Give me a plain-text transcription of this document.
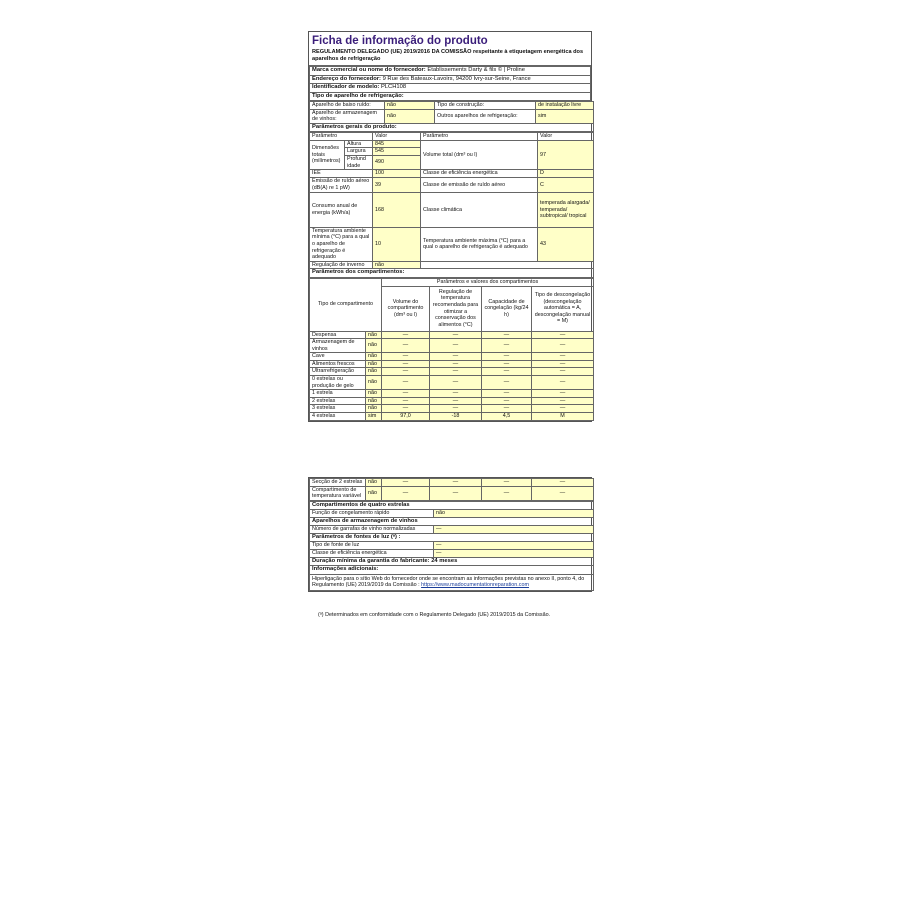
Ficha de informação do produto
REGULAMENTO DELEGADO (UE) 2019/2016 DA COMISSÃO respeitante à etiquetagem energética dos aparelhos de refrigeração
Marca comercial ou nome do fornecedor: Etablissements Darty & fils © | Proline
Endereço do fornecedor: 9 Rue des Bateaux-Lavoirs, 94200 Ivry-sur-Seine, France
Identificador de modelo: PLCH108
Tipo de aparelho de refrigeração:
Aparelho de baixo ruído:	não	Tipo de construção:	de instalação livre
Aparelho de armazenagem de vinhos:	não	Outros aparelhos de refrigeração:	sim
Parâmetros gerais do produto:			
Parâmetro		Valor	Parâmetro	Valor
Dimensões totais (milímetros)	Altura	845	Volume total (dm³ ou l)	97
	Largura	545		
	Profund idade	490		
IEE		100	Classe de eficiência energética	D
Emissão de ruído aéreo (dB(A) re 1 pW)		39	Classe de emissão de ruído aéreo	C
Consumo anual de energia (kWh/a)		168	Classe climática	temperada alargada/ temperada/ subtropical/ tropical
Temperatura ambiente mínima (°C) para a qual o aparelho de refrigeração é adequado		10	Temperatura ambiente máxima (°C) para a qual o aparelho de refrigeração é adequado	43
Regulação de inverno		não		
Parâmetros dos compartimentos:				
Tipo de compartimento		Parâmetros e valores dos compartimentos			
		Volume do compartimento (dm³ ou l)	Regulação de temperatura recomendada para otimizar a conservação dos alimentos (°C)	Capacidade de congelação (kg/24 h)	Tipo de descongelação (descongelação automática = A, descongelação manual = M)
Despensa	não	—	—	—	—
Armazenagem de vinhos	não	—	—	—	—
Cave	não	—	—	—	—
Alimentos frescos	não	—	—	—	—
Ultrarrefrigeração	não	—	—	—	—
0 estrelas ou produção de gelo	não	—	—	—	—
1 estrela	não	—	—	—	—
2 estrelas	não	—	—	—	—
3 estrelas	não	—	—	—	—
4 estrelas	sim	97,0	-18	4,5	M
Secção de 2 estrelas	não	—	—	—	—
Compartimento de temperatura variável	não	—	—	—	—
Compartimentos de quatro estrelas	
Função de congelamento rápido	não
Aparelhos de armazenagem de vinhos	
Número de garrafas de vinho normalizadas	—
Parâmetros de fontes de luz (ᵃ) :	
Tipo de fonte de luz	—
Classe de eficiência energética	—
Duração mínima da garantia do fabricante: 24 meses	
Informações adicionais:	
Hiperligação para o sítio Web do fornecedor onde se encontram as informações previstas no anexo II, ponto 4, do Regulamento (UE) 2019/2019 da Comissão : https://www.madocumentationreparation.com	
(ᵃ) Determinados em conformidade com o Regulamento Delegado (UE) 2019/2015 da Comissão.
